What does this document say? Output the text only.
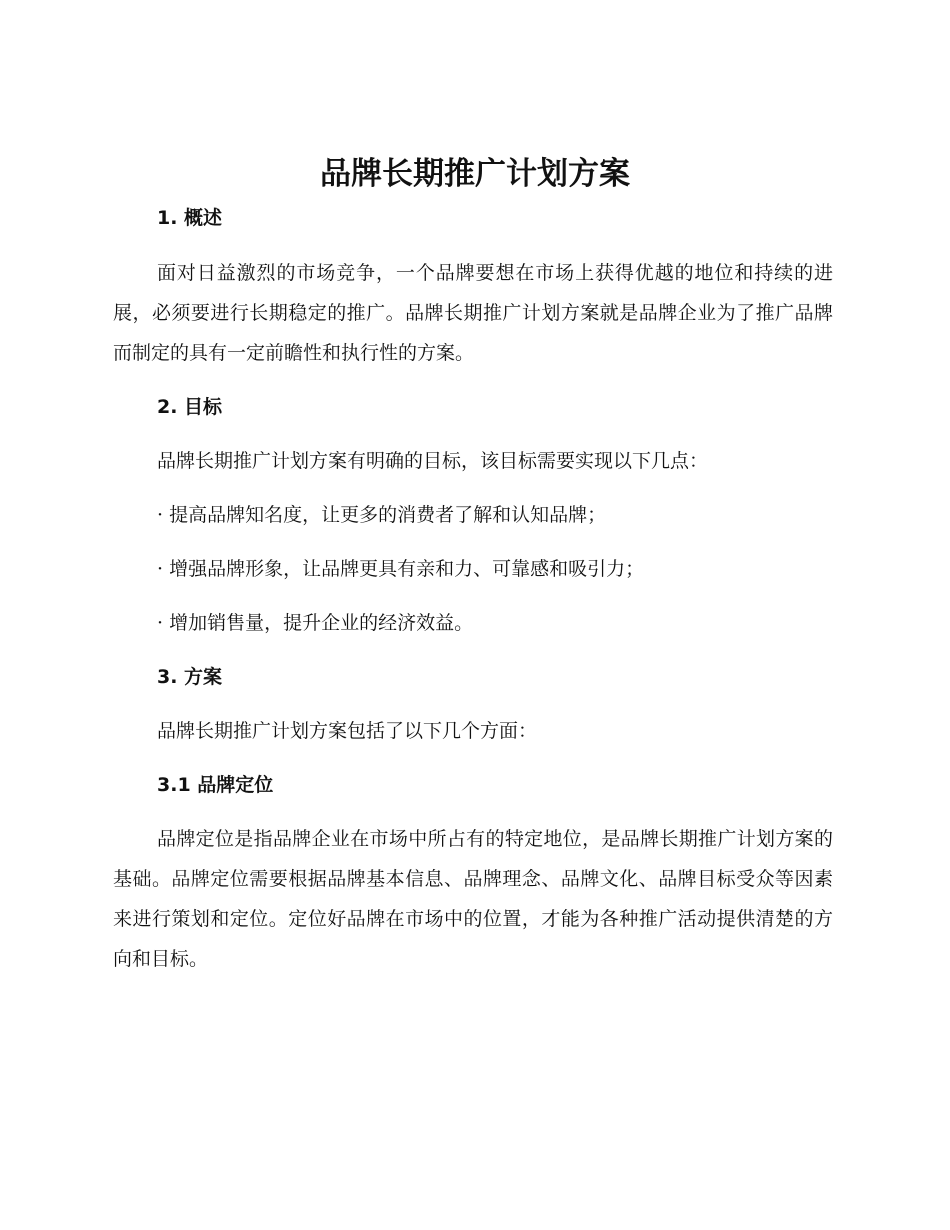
品牌长期推广计划方案
1. 概述

面对日益激烈的市场竞争，一个品牌要想在市场上获得优越的地位和持续的进展，必须要进行长期稳定的推广。品牌长期推广计划方案就是品牌企业为了推广品牌而制定的具有一定前瞻性和执行性的方案。

2. 目标

品牌长期推广计划方案有明确的目标，该目标需要实现以下几点：

· 提高品牌知名度，让更多的消费者了解和认知品牌；

· 增强品牌形象，让品牌更具有亲和力、可靠感和吸引力；

· 增加销售量，提升企业的经济效益。

3. 方案

品牌长期推广计划方案包括了以下几个方面：

3.1 品牌定位

品牌定位是指品牌企业在市场中所占有的特定地位，是品牌长期推广计划方案的基础。品牌定位需要根据品牌基本信息、品牌理念、品牌文化、品牌目标受众等因素来进行策划和定位。定位好品牌在市场中的位置，才能为各种推广活动提供清楚的方向和目标。
